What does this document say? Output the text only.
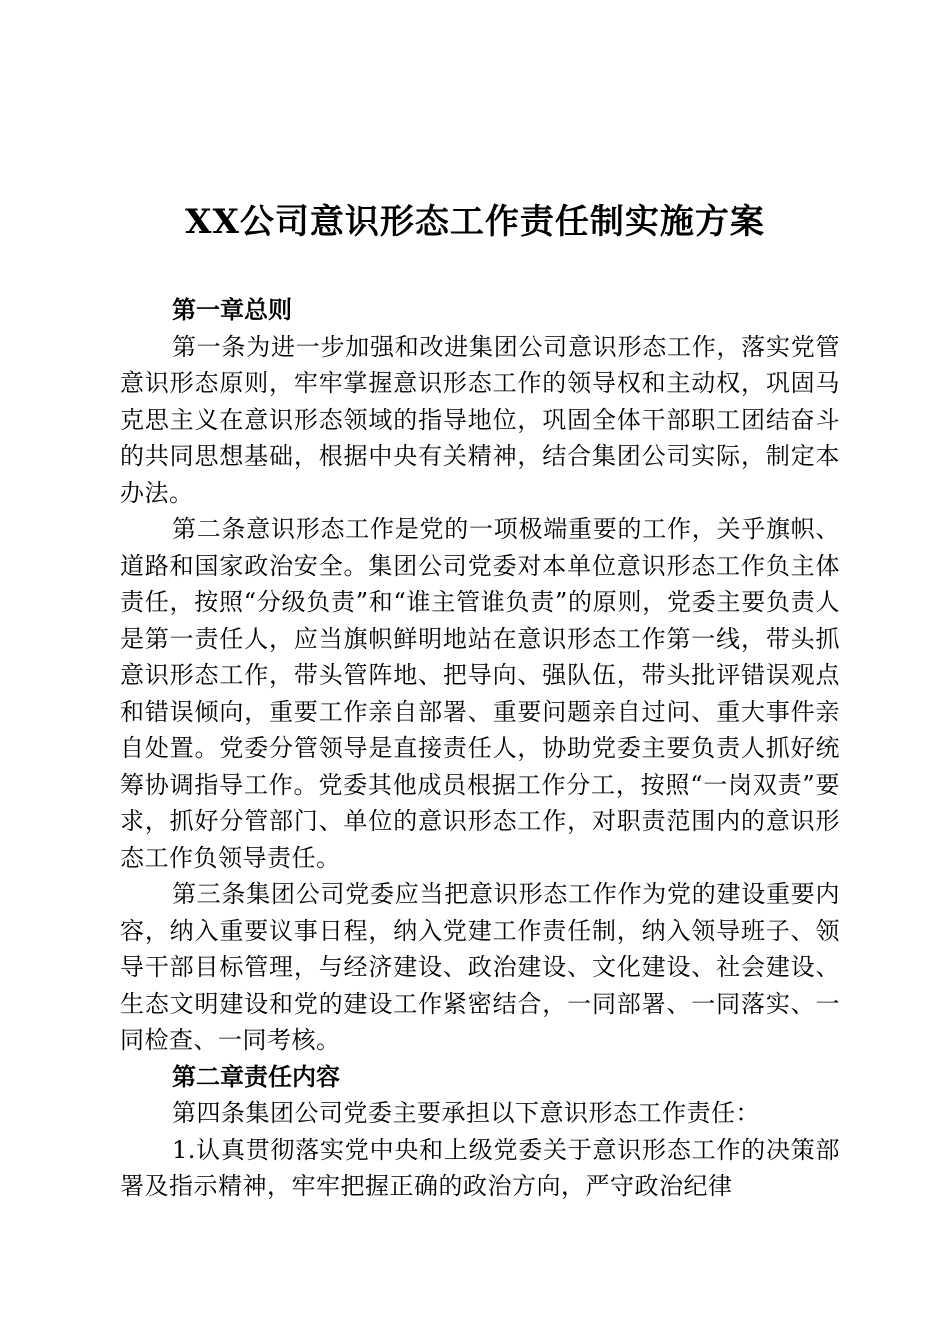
XX公司意识形态工作责任制实施方案
第一章总则

第一条为进一步加强和改进集团公司意识形态工作，落实党管意识形态原则，牢牢掌握意识形态工作的领导权和主动权，巩固马克思主义在意识形态领域的指导地位，巩固全体干部职工团结奋斗的共同思想基础，根据中央有关精神，结合集团公司实际，制定本办法。

第二条意识形态工作是党的一项极端重要的工作，关乎旗帜、道路和国家政治安全。集团公司党委对本单位意识形态工作负主体责任，按照“分级负责”和“谁主管谁负责”的原则，党委主要负责人是第一责任人，应当旗帜鲜明地站在意识形态工作第一线，带头抓意识形态工作，带头管阵地、把导向、强队伍，带头批评错误观点和错误倾向，重要工作亲自部署、重要问题亲自过问、重大事件亲自处置。党委分管领导是直接责任人，协助党委主要负责人抓好统筹协调指导工作。党委其他成员根据工作分工，按照“一岗双责”要求，抓好分管部门、单位的意识形态工作，对职责范围内的意识形态工作负领导责任。

第三条集团公司党委应当把意识形态工作作为党的建设重要内容，纳入重要议事日程，纳入党建工作责任制，纳入领导班子、领导干部目标管理，与经济建设、政治建设、文化建设、社会建设、生态文明建设和党的建设工作紧密结合，一同部署、一同落实、一同检查、一同考核。

第二章责任内容

第四条集团公司党委主要承担以下意识形态工作责任：

1.认真贯彻落实党中央和上级党委关于意识形态工作的决策部署及指示精神，牢牢把握正确的政治方向，严守政治纪律
